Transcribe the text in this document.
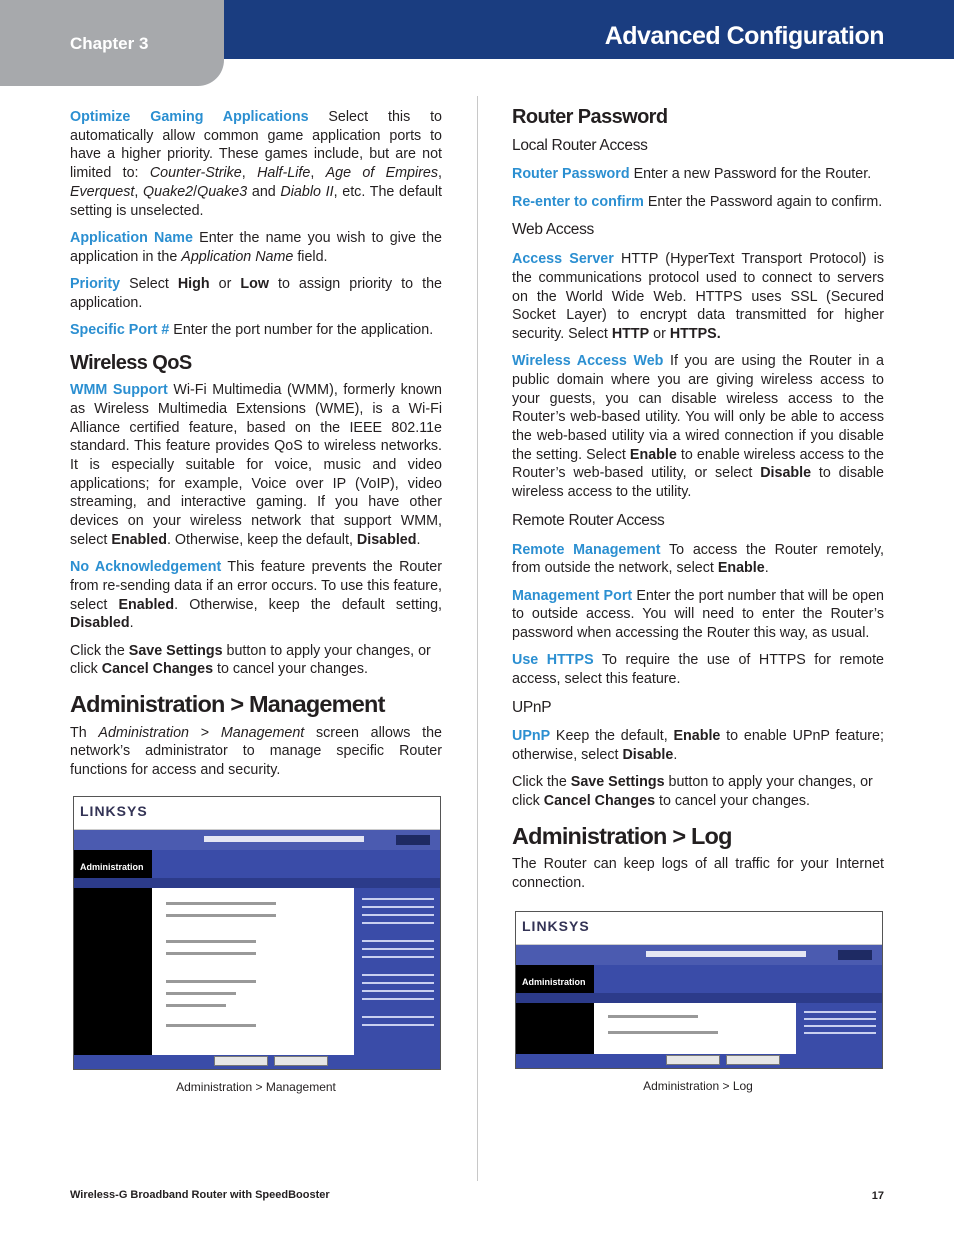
Chapter 3	Advanced Configuration

Optimize Gaming Applications Select this to automatically allow common game application ports to have a higher priority. These games include, but are not limited to: Counter-Strike, Half-Life, Age of Empires, Everquest, Quake2/Quake3 and Diablo II, etc. The default setting is unselected.

Application Name Enter the name you wish to give the application in the Application Name field.

Priority Select High or Low to assign priority to the application.

Specific Port # Enter the port number for the application.

Wireless QoS

WMM Support Wi-Fi Multimedia (WMM), formerly known as Wireless Multimedia Extensions (WME), is a Wi-Fi Alliance certified feature, based on the IEEE 802.11e standard. This feature provides QoS to wireless networks. It is especially suitable for voice, music and video applications; for example, Voice over IP (VoIP), video streaming, and interactive gaming. If you have other devices on your wireless network that support WMM, select Enabled. Otherwise, keep the default, Disabled.

No Acknowledgement This feature prevents the Router from re-sending data if an error occurs. To use this feature, select Enabled. Otherwise, keep the default setting, Disabled.

Click the Save Settings button to apply your changes, or click Cancel Changes to cancel your changes.

Administration > Management

Th Administration > Management screen allows the network’s administrator to manage specific Router functions for access and security.

LINKSYS
Administration
Administration > Management
Router Password
Local Router Access

Router Password Enter a new Password for the Router.

Re-enter to confirm Enter the Password again to confirm.

Web Access

Access Server HTTP (HyperText Transport Protocol) is the communications protocol used to connect to servers on the World Wide Web. HTTPS uses SSL (Secured Socket Layer) to encrypt data transmitted for higher security. Select HTTP or HTTPS.

Wireless Access Web If you are using the Router in a public domain where you are giving wireless access to your guests, you can disable wireless access to the Router’s web-based utility. You will only be able to access the web-based utility via a wired connection if you disable the setting. Select Enable to enable wireless access to the Router’s web-based utility, or select Disable to disable wireless access to the utility.

Remote Router Access

Remote Management To access the Router remotely, from outside the network, select Enable.

Management Port Enter the port number that will be open to outside access. You will need to enter the Router’s password when accessing the Router this way, as usual.

Use HTTPS To require the use of HTTPS for remote access, select this feature.

UPnP

UPnP Keep the default, Enable to enable UPnP feature; otherwise, select Disable.

Click the Save Settings button to apply your changes, or click Cancel Changes to cancel your changes.

Administration > Log

The Router can keep logs of all traffic for your Internet connection.

LINKSYS
Administration
Administration > Log
Wireless-G Broadband Router with SpeedBooster	17
